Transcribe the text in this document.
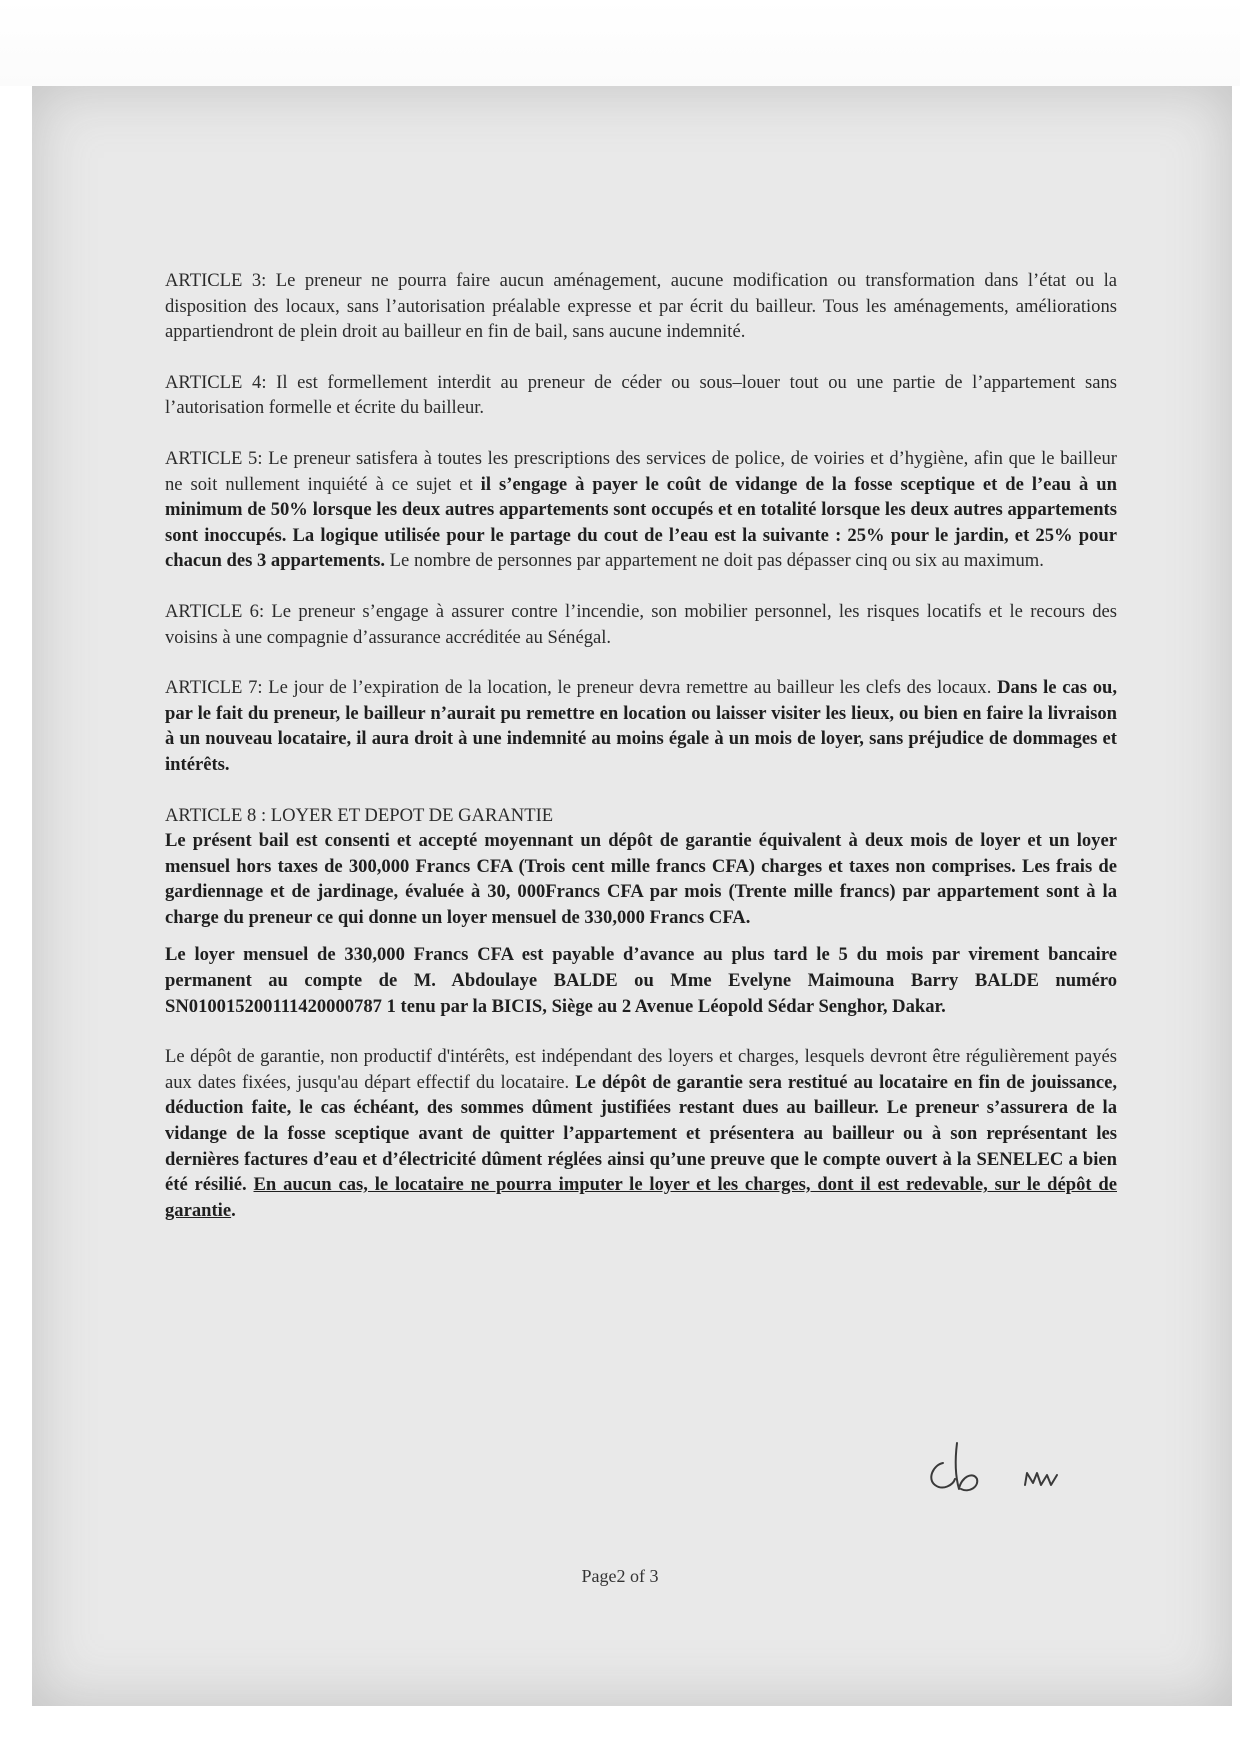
ARTICLE 3: Le preneur ne pourra faire aucun aménagement, aucune modification ou transformation dans l’état ou la disposition des locaux, sans l’autorisation préalable expresse et par écrit du bailleur. Tous les aménagements, améliorations appartiendront de plein droit au bailleur en fin de bail, sans aucune indemnité.

ARTICLE 4: Il est formellement interdit au preneur de céder ou sous–louer tout ou une partie de l’appartement sans l’autorisation formelle et écrite du bailleur.

ARTICLE 5: Le preneur satisfera à toutes les prescriptions des services de police, de voiries et d’hygiène, afin que le bailleur ne soit nullement inquiété à ce sujet et il s’engage à payer le coût de vidange de la fosse sceptique et de l’eau à un minimum de 50% lorsque les deux autres appartements sont occupés et en totalité lorsque les deux autres appartements sont inoccupés. La logique utilisée pour le partage du cout de l’eau est la suivante : 25% pour le jardin, et 25% pour chacun des 3 appartements. Le nombre de personnes par appartement ne doit pas dépasser cinq ou six au maximum.

ARTICLE 6: Le preneur s’engage à assurer contre l’incendie, son mobilier personnel, les risques locatifs et le recours des voisins à une compagnie d’assurance accréditée au Sénégal.

ARTICLE 7: Le jour de l’expiration de la location, le preneur devra remettre au bailleur les clefs des locaux. Dans le cas ou, par le fait du preneur, le bailleur n’aurait pu remettre en location ou laisser visiter les lieux, ou bien en faire la livraison à un nouveau locataire, il aura droit à une indemnité au moins égale à un mois de loyer, sans préjudice de dommages et intérêts.

ARTICLE 8 : LOYER ET DEPOT DE GARANTIE

Le présent bail est consenti et accepté moyennant un dépôt de garantie équivalent à deux mois de loyer et un loyer mensuel hors taxes de 300,000 Francs CFA (Trois cent mille francs CFA) charges et taxes non comprises. Les frais de gardiennage et de jardinage, évaluée à 30, 000Francs CFA par mois (Trente mille francs) par appartement sont à la charge du preneur ce qui donne un loyer mensuel de 330,000 Francs CFA.

Le loyer mensuel de 330,000 Francs CFA est payable d’avance au plus tard le 5 du mois par virement bancaire permanent au compte de M. Abdoulaye BALDE ou Mme Evelyne Maimouna Barry BALDE numéro SN010015200111420000787 1 tenu par la BICIS, Siège au 2 Avenue Léopold Sédar Senghor, Dakar.

Le dépôt de garantie, non productif d'intérêts, est indépendant des loyers et charges, lesquels devront être régulièrement payés aux dates fixées, jusqu'au départ effectif du locataire. Le dépôt de garantie sera restitué au locataire en fin de jouissance, déduction faite, le cas échéant, des sommes dûment justifiées restant dues au bailleur. Le preneur s’assurera de la vidange de la fosse sceptique avant de quitter l’appartement et présentera au bailleur ou à son représentant les dernières factures d’eau et d’électricité dûment réglées ainsi qu’une preuve que le compte ouvert à la SENELEC a bien été résilié. En aucun cas, le locataire ne pourra imputer le loyer et les charges, dont il est redevable, sur le dépôt de garantie.

Page2 of 3
